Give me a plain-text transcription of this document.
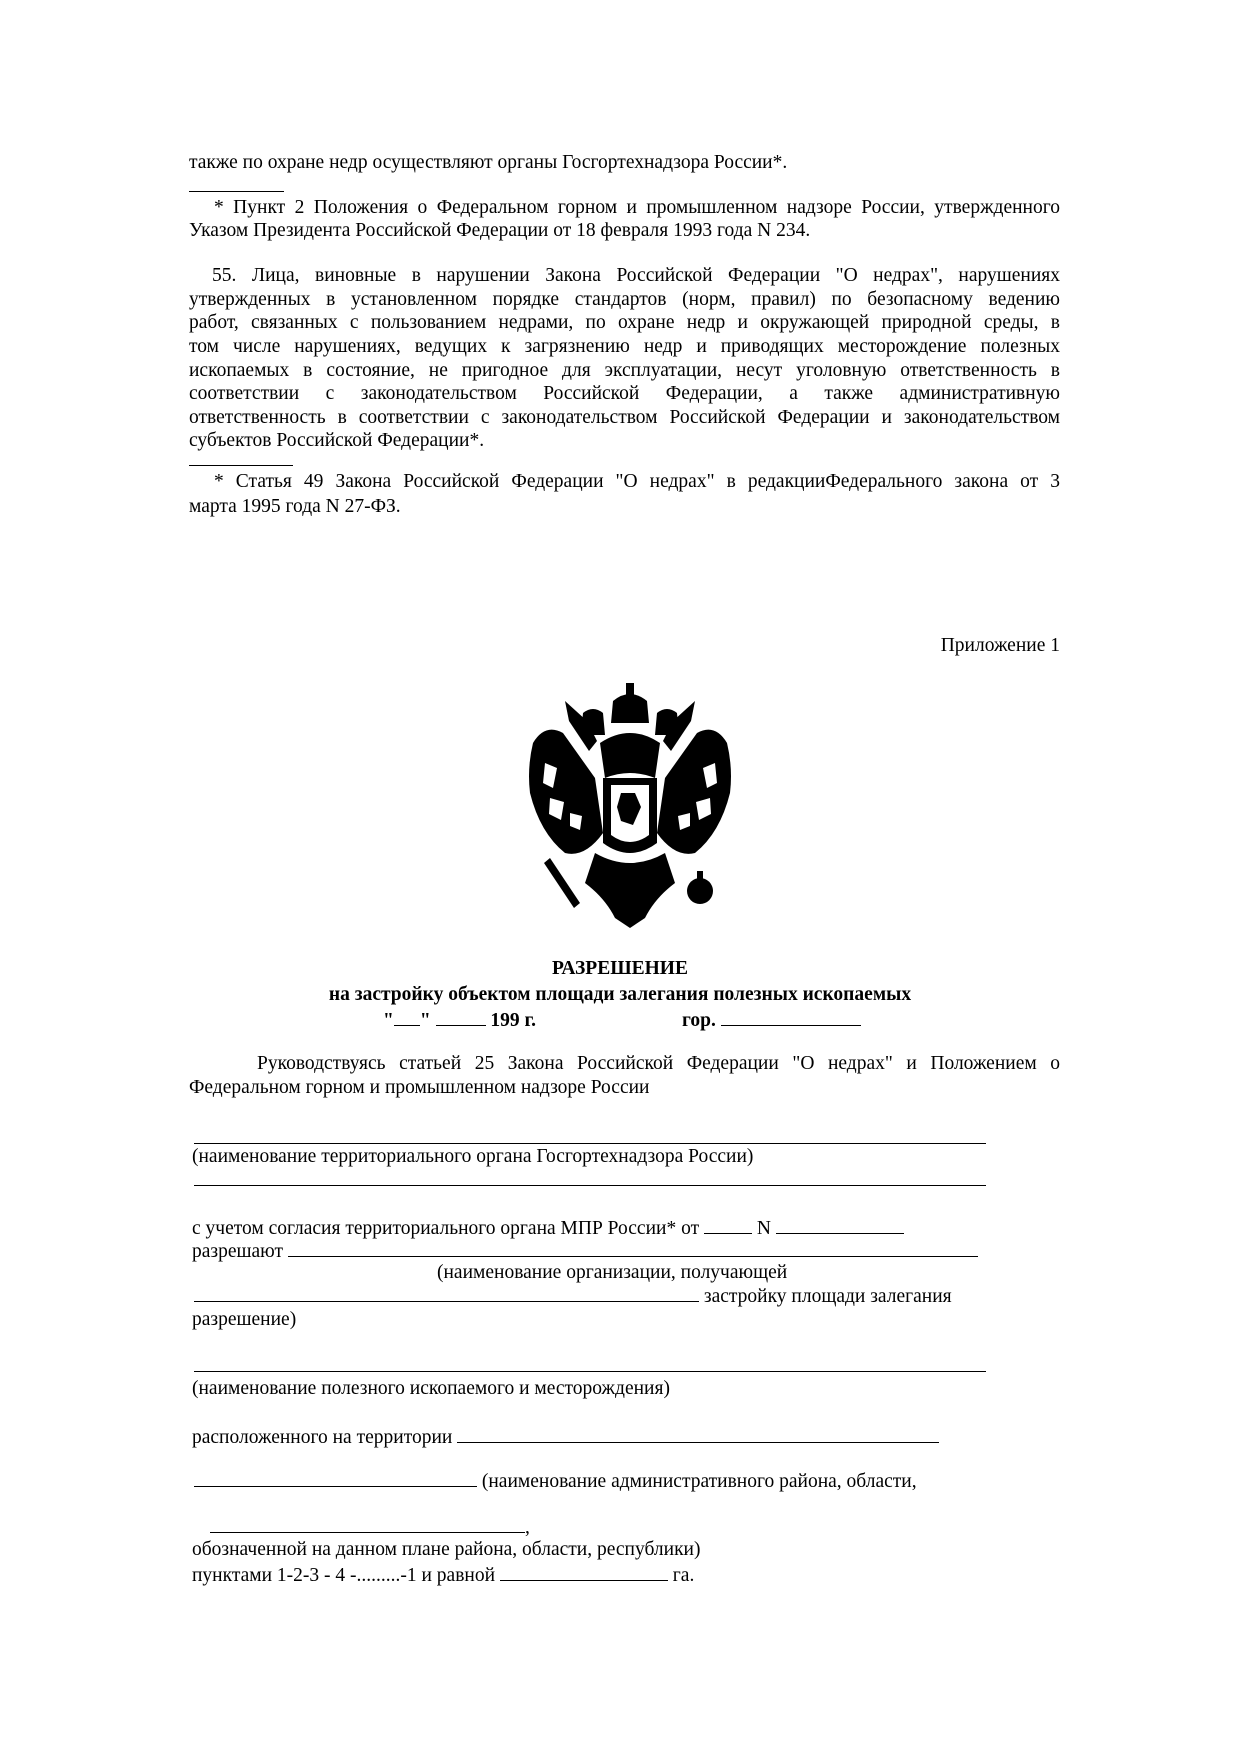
также по охране недр осуществляют органы Госгортехнадзора России*.
* Пункт 2 Положения о Федеральном горном и промышленном надзоре России, утвержденного
Указом Президента Российской Федерации от 18 февраля 1993 года N 234.
55. Лица, виновные в нарушении Закона Российской Федерации "О недрах", нарушениях
утвержденных в установленном порядке стандартов (норм, правил) по безопасному ведению
работ, связанных с пользованием недрами, по охране недр и окружающей природной среды, в
том числе нарушениях, ведущих к загрязнению недр и приводящих месторождение полезных
ископаемых в состояние, не пригодное для эксплуатации, несут уголовную ответственность в
соответствии с законодательством Российской Федерации, а также административную
ответственность в соответствии с законодательством Российской Федерации и законодательством
субъектов Российской Федерации*.
* Статья 49 Закона Российской Федерации "О недрах" в редакцииФедерального закона от 3
марта 1995 года N 27-ФЗ.
Приложение 1
РАЗРЕШЕНИЕ
на застройку объектом площади залегания полезных ископаемых
" "	199 г.	гор.
Руководствуясь статьей 25 Закона Российской Федерации "О недрах" и Положением о
Федеральном горном и промышленном надзоре России
(наименование территориального органа Госгортехнадзора России)
с учетом согласия территориального органа МПР России* от	N
разрешают
(наименование организации, получающей
застройку площади залегания
разрешение)
(наименование полезного ископаемого и месторождения)
расположенного на территории
(наименование административного района, области,
,
обозначенной на данном плане района, области, республики)
пунктами 1-2-3 - 4 -.........-1 и равной	га.
